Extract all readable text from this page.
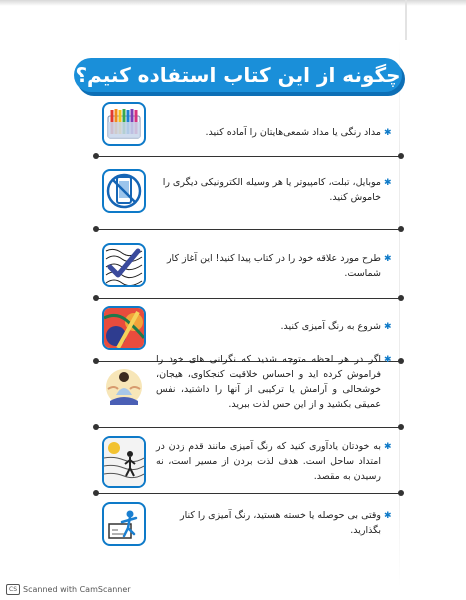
چگونه از این کتاب استفاده کنیم؟
✱
مداد رنگی یا مداد شمعی‌هایتان را آماده کنید.
✱
موبایل، تبلت، کامپیوتر یا هر وسیله الکترونیکی دیگری را خاموش کنید.
✱
طرح مورد علاقه خود را در کتاب پیدا کنید! این آغاز کار شماست.
✱
شروع به رنگ آمیزی کنید.
✱
اگر در هر لحظه متوجه شدید که نگرانی های خود را فراموش کرده اید و احساس خلاقیت کنجکاوی، هیجان، خوشحالی و آرامش یا ترکیبی از آنها را داشتید، نفس عمیقی بکشید و از این حس لذت ببرید.
✱
به خودتان یادآوری کنید که رنگ آمیزی مانند قدم زدن در امتداد ساحل است. هدف لذت بردن از مسیر است، نه رسیدن به مقصد.
✱
وقتی بی حوصله یا خسته هستید، رنگ آمیزی را کنار بگذارید.
CS Scanned with CamScanner
